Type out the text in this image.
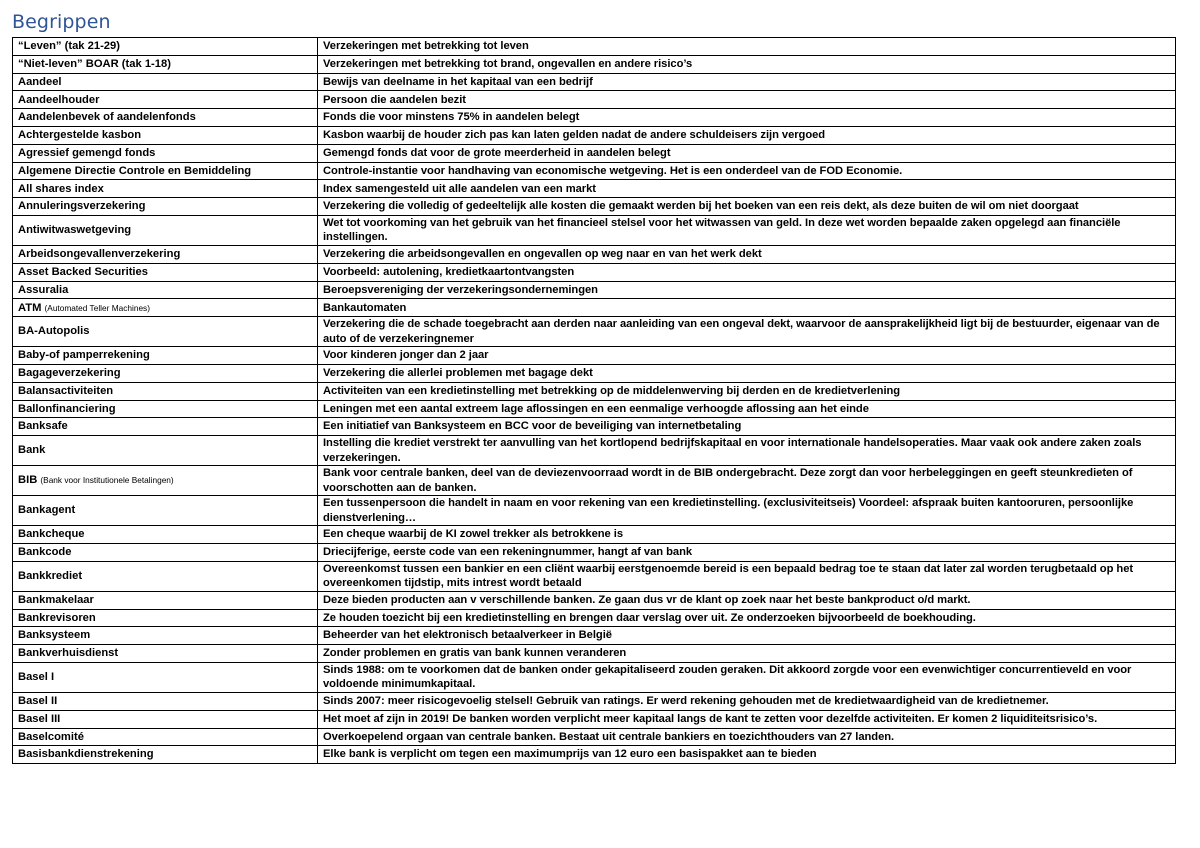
Begrippen
“Leven” (tak 21-29)	Verzekeringen met betrekking tot leven
“Niet-leven” BOAR (tak 1-18)	Verzekeringen met betrekking tot brand, ongevallen en andere risico’s
Aandeel	Bewijs van deelname in het kapitaal van een bedrijf
Aandeelhouder	Persoon die aandelen bezit
Aandelenbevek of aandelenfonds	Fonds die voor minstens 75% in aandelen belegt
Achtergestelde kasbon	Kasbon waarbij de houder zich pas kan laten gelden nadat de andere schuldeisers zijn vergoed
Agressief gemengd fonds	Gemengd fonds dat voor de grote meerderheid in aandelen belegt
Algemene Directie Controle en Bemiddeling	Controle-instantie voor handhaving van economische wetgeving. Het is een onderdeel van de FOD Economie.
All shares index	Index samengesteld uit alle aandelen van een markt
Annuleringsverzekering	Verzekering die volledig of gedeeltelijk alle kosten die gemaakt werden bij het boeken van een reis dekt, als deze buiten de wil om niet doorgaat
Antiwitwaswetgeving	Wet tot voorkoming van het gebruik van het financieel stelsel voor het witwassen van geld. In deze wet worden bepaalde zaken opgelegd aan financiële instellingen.
Arbeidsongevallenverzekering	Verzekering die arbeidsongevallen en ongevallen op weg naar en van het werk dekt
Asset Backed Securities	Voorbeeld: autolening, kredietkaartontvangsten
Assuralia	Beroepsvereniging der verzekeringsondernemingen
ATM (Automated Teller Machines)	Bankautomaten
BA-Autopolis	Verzekering die de schade toegebracht aan derden naar aanleiding van een ongeval dekt, waarvoor de aansprakelijkheid ligt bij de bestuurder, eigenaar van de auto of de verzekeringnemer
Baby-of pamperrekening	Voor kinderen jonger dan 2 jaar
Bagageverzekering	Verzekering die allerlei problemen met bagage dekt
Balansactiviteiten	Activiteiten van een kredietinstelling met betrekking op de middelenwerving bij derden en de kredietverlening
Ballonfinanciering	Leningen met een aantal extreem lage aflossingen en een eenmalige verhoogde aflossing aan het einde
Banksafe	Een initiatief van Banksysteem en BCC voor de beveiliging van internetbetaling
Bank	Instelling die krediet verstrekt ter aanvulling van het kortlopend bedrijfskapitaal en voor internationale handelsoperaties. Maar vaak ook andere zaken zoals verzekeringen.
BIB (Bank voor Institutionele Betalingen)	Bank voor centrale banken, deel van de deviezenvoorraad wordt in de BIB ondergebracht. Deze zorgt dan voor herbeleggingen en geeft steunkredieten of voorschotten aan de banken.
Bankagent	Een tussenpersoon die handelt in naam en voor rekening van een kredietinstelling. (exclusiviteitseis) Voordeel: afspraak buiten kantooruren, persoonlijke dienstverlening…
Bankcheque	Een cheque waarbij de KI zowel trekker als betrokkene is
Bankcode	Driecijferige, eerste code van een rekeningnummer, hangt af van bank
Bankkrediet	Overeenkomst tussen een bankier en een cliënt waarbij eerstgenoemde bereid is een bepaald bedrag toe te staan dat later zal worden terugbetaald op het overeenkomen tijdstip, mits intrest wordt betaald
Bankmakelaar	Deze bieden producten aan v verschillende banken. Ze gaan dus vr de klant op zoek naar het beste bankproduct o/d markt.
Bankrevisoren	Ze houden toezicht bij een kredietinstelling en brengen daar verslag over uit. Ze onderzoeken bijvoorbeeld de boekhouding.
Banksysteem	Beheerder van het elektronisch betaalverkeer in België
Bankverhuisdienst	Zonder problemen en gratis van bank kunnen veranderen
Basel I	Sinds 1988: om te voorkomen dat de banken onder gekapitaliseerd zouden geraken. Dit akkoord zorgde voor een evenwichtiger concurrentieveld en voor voldoende minimumkapitaal.
Basel II	Sinds 2007: meer risicogevoelig stelsel! Gebruik van ratings. Er werd rekening gehouden met de kredietwaardigheid van de kredietnemer.
Basel III	Het moet af zijn in 2019! De banken worden verplicht meer kapitaal langs de kant te zetten voor dezelfde activiteiten. Er komen 2 liquiditeitsrisico’s.
Baselcomité	Overkoepelend orgaan van centrale banken. Bestaat uit centrale bankiers en toezichthouders van 27 landen.
Basisbankdienstrekening	Elke bank is verplicht om tegen een maximumprijs van 12 euro een basispakket aan te bieden
